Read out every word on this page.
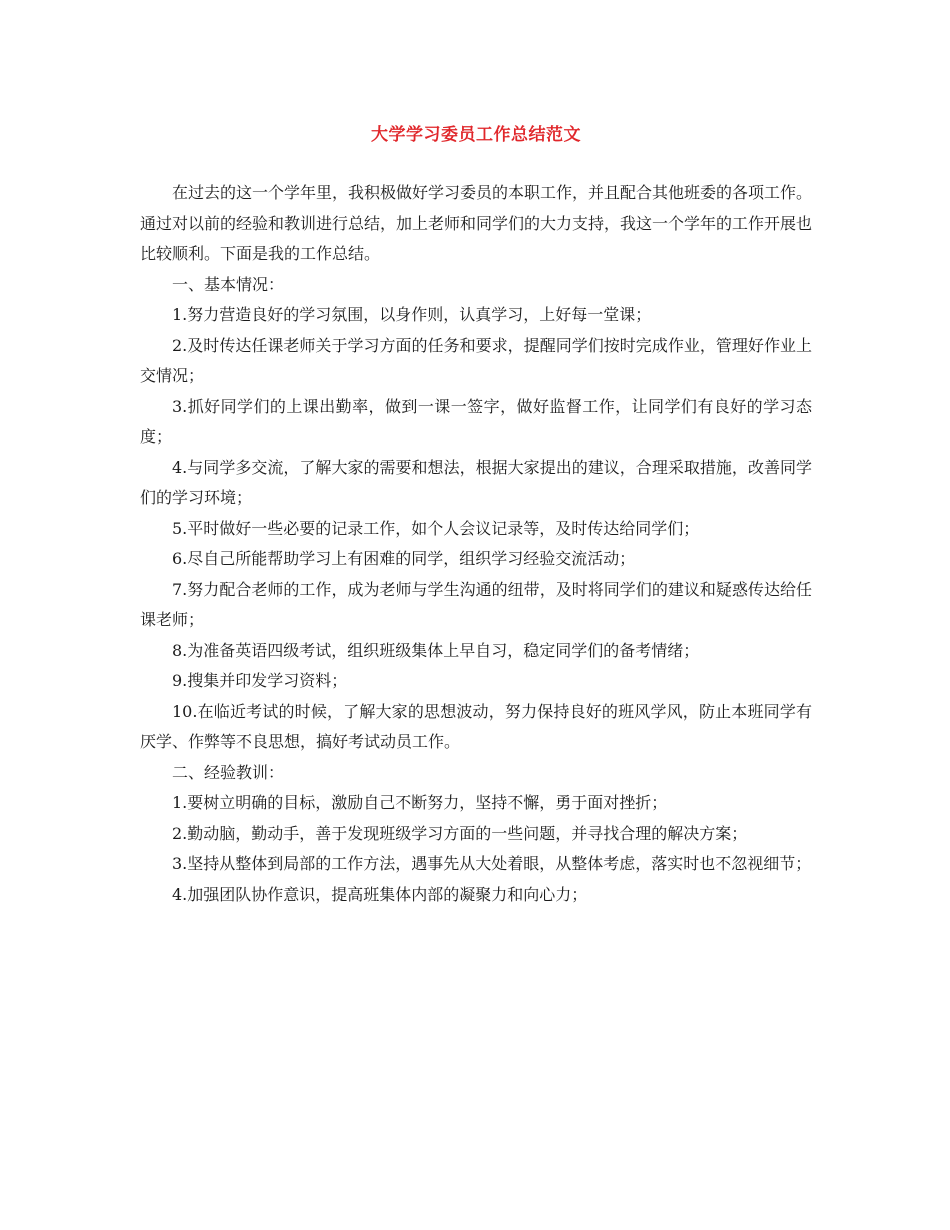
大学学习委员工作总结范文

在过去的这一个学年里，我积极做好学习委员的本职工作，并且配合其他班委的各项工作。通过对以前的经验和教训进行总结，加上老师和同学们的大力支持，我这一个学年的工作开展也比较顺利。下面是我的工作总结。

一、基本情况：

1.努力营造良好的学习氛围，以身作则，认真学习，上好每一堂课；

2.及时传达任课老师关于学习方面的任务和要求，提醒同学们按时完成作业，管理好作业上交情况；

3.抓好同学们的上课出勤率，做到一课一签字，做好监督工作，让同学们有良好的学习态度；

4.与同学多交流，了解大家的需要和想法，根据大家提出的建议，合理采取措施，改善同学们的学习环境；

5.平时做好一些必要的记录工作，如个人会议记录等，及时传达给同学们；

6.尽自己所能帮助学习上有困难的同学，组织学习经验交流活动；

7.努力配合老师的工作，成为老师与学生沟通的纽带，及时将同学们的建议和疑惑传达给任课老师；

8.为准备英语四级考试，组织班级集体上早自习，稳定同学们的备考情绪；

9.搜集并印发学习资料；

10.在临近考试的时候，了解大家的思想波动，努力保持良好的班风学风，防止本班同学有厌学、作弊等不良思想，搞好考试动员工作。

二、经验教训：

1.要树立明确的目标，激励自己不断努力，坚持不懈，勇于面对挫折；

2.勤动脑，勤动手，善于发现班级学习方面的一些问题，并寻找合理的解决方案；

3.坚持从整体到局部的工作方法，遇事先从大处着眼，从整体考虑，落实时也不忽视细节；

4.加强团队协作意识，提高班集体内部的凝聚力和向心力；
